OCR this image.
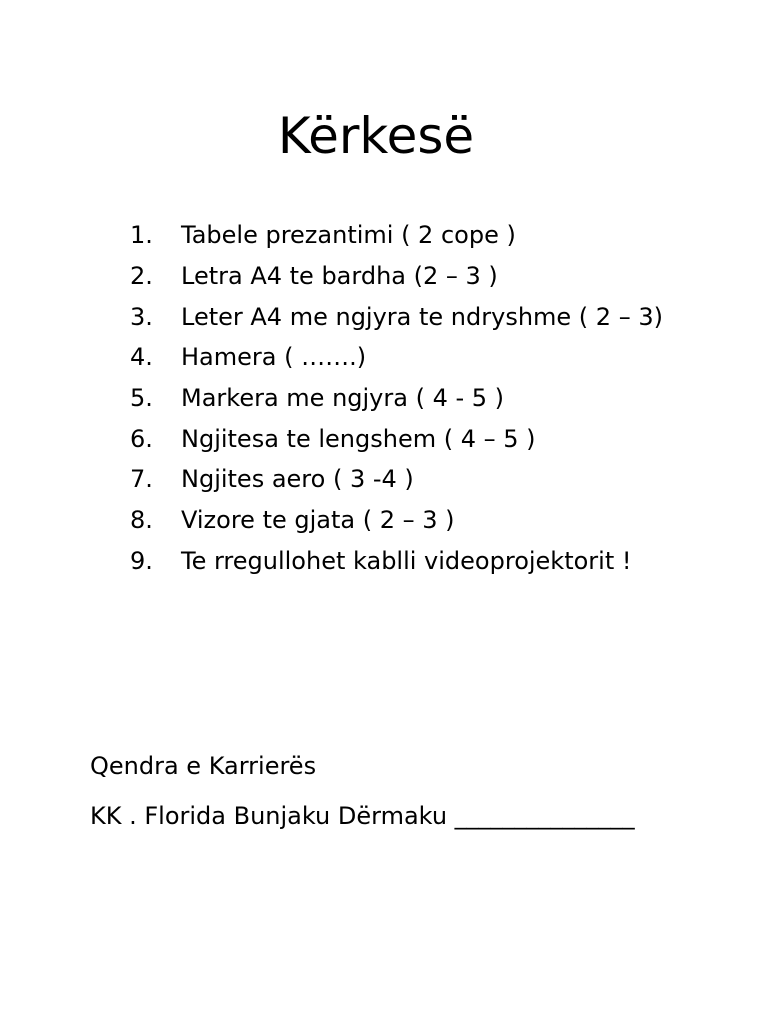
Kërkesë
1.	Tabele prezantimi ( 2 cope )
2.	Letra A4 te bardha (2 – 3 )
3.	Leter A4 me ngjyra te ndryshme ( 2 – 3)
4.	Hamera ( …….)
5.	Markera me ngjyra ( 4 - 5 )
6.	Ngjitesa te lengshem ( 4 – 5 )
7.	Ngjites aero ( 3 -4 )
8.	Vizore te gjata ( 2 – 3 )
9.	Te rregullohet kablli videoprojektorit !
Qendra e Karrierës
KK . Florida Bunjaku Dërmaku _______________
